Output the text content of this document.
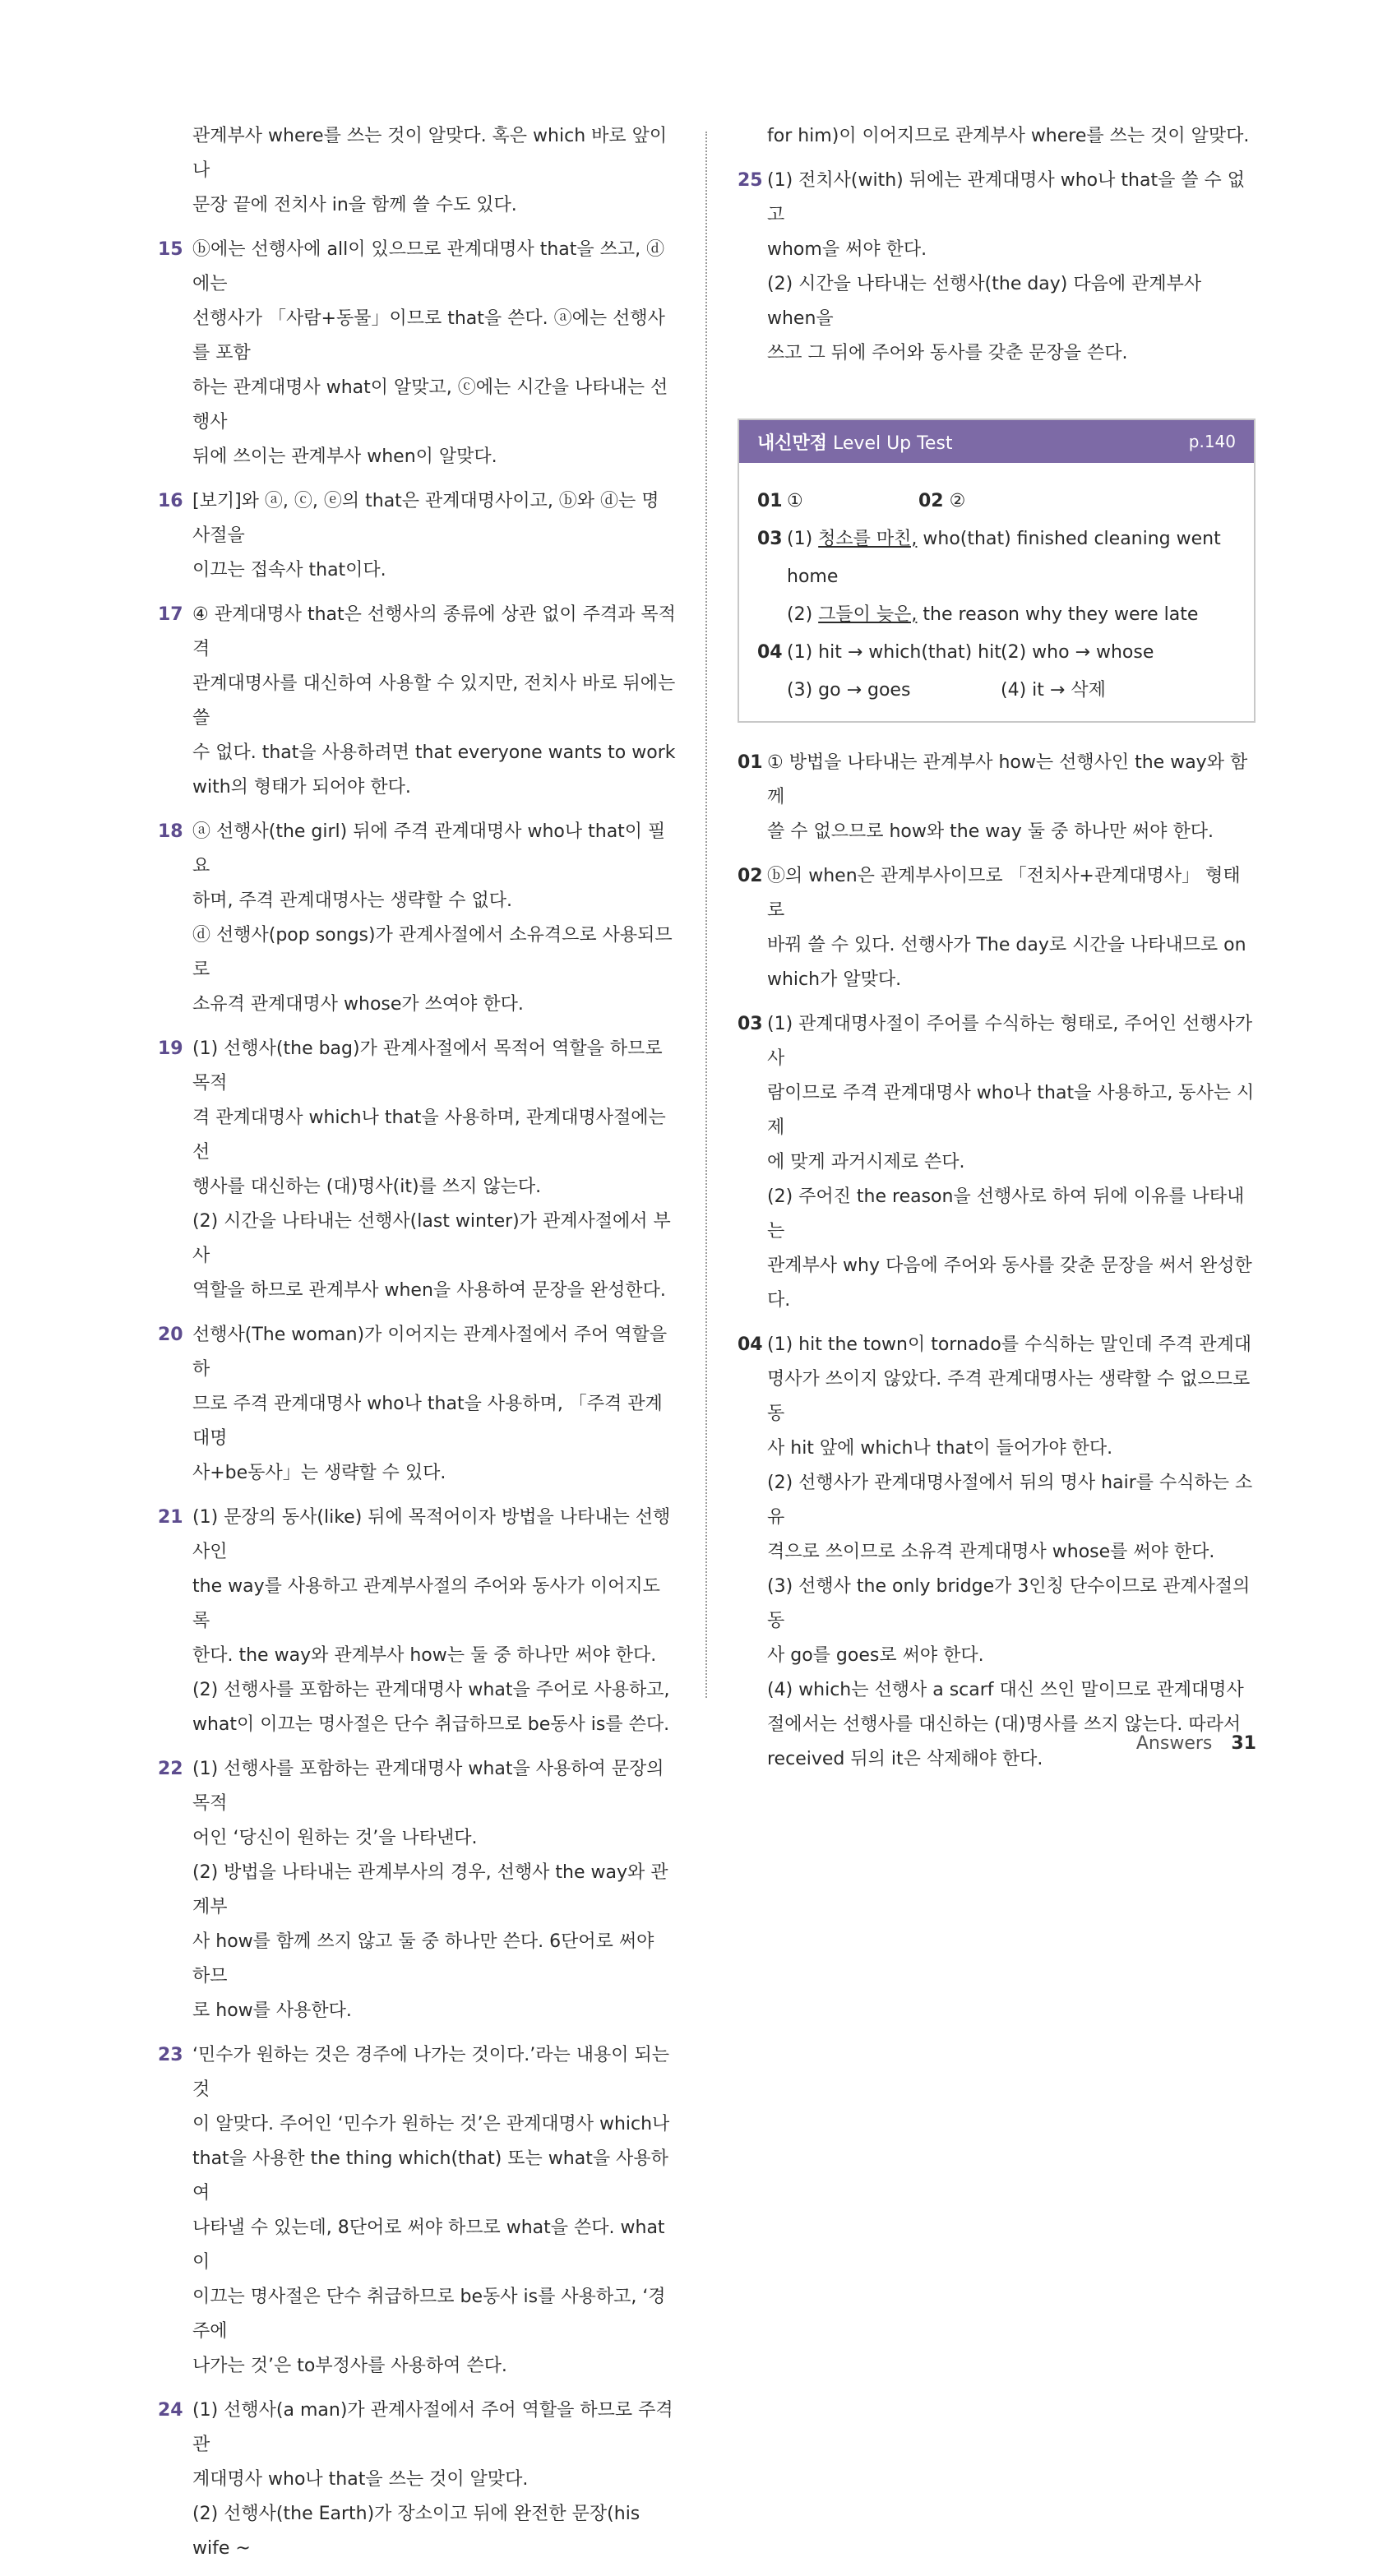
관계부사 where를 쓰는 것이 알맞다. 혹은 which 바로 앞이나

문장 끝에 전치사 in을 함께 쓸 수도 있다.

15 ⓑ에는 선행사에 all이 있으므로 관계대명사 that을 쓰고, ⓓ에는

선행사가 「사람+동물」이므로 that을 쓴다. ⓐ에는 선행사를 포함

하는 관계대명사 what이 알맞고, ⓒ에는 시간을 나타내는 선행사

뒤에 쓰이는 관계부사 when이 알맞다.

16 [보기]와 ⓐ, ⓒ, ⓔ의 that은 관계대명사이고, ⓑ와 ⓓ는 명사절을

이끄는 접속사 that이다.

17 ④ 관계대명사 that은 선행사의 종류에 상관 없이 주격과 목적격

관계대명사를 대신하여 사용할 수 있지만, 전치사 바로 뒤에는 쓸

수 없다. that을 사용하려면 that everyone wants to work

with의 형태가 되어야 한다.

18 ⓐ 선행사(the girl) 뒤에 주격 관계대명사 who나 that이 필요

하며, 주격 관계대명사는 생략할 수 없다.

ⓓ 선행사(pop songs)가 관계사절에서 소유격으로 사용되므로

소유격 관계대명사 whose가 쓰여야 한다.

19 (1) 선행사(the bag)가 관계사절에서 목적어 역할을 하므로 목적

격 관계대명사 which나 that을 사용하며, 관계대명사절에는 선

행사를 대신하는 (대)명사(it)를 쓰지 않는다.

(2) 시간을 나타내는 선행사(last winter)가 관계사절에서 부사

역할을 하므로 관계부사 when을 사용하여 문장을 완성한다.

20 선행사(The woman)가 이어지는 관계사절에서 주어 역할을 하

므로 주격 관계대명사 who나 that을 사용하며, 「주격 관계대명

사+be동사」는 생략할 수 있다.

21 (1) 문장의 동사(like) 뒤에 목적어이자 방법을 나타내는 선행사인

the way를 사용하고 관계부사절의 주어와 동사가 이어지도록

한다. the way와 관계부사 how는 둘 중 하나만 써야 한다.

(2) 선행사를 포함하는 관계대명사 what을 주어로 사용하고,

what이 이끄는 명사절은 단수 취급하므로 be동사 is를 쓴다.

22 (1) 선행사를 포함하는 관계대명사 what을 사용하여 문장의 목적

어인 ‘당신이 원하는 것’을 나타낸다.

(2) 방법을 나타내는 관계부사의 경우, 선행사 the way와 관계부

사 how를 함께 쓰지 않고 둘 중 하나만 쓴다. 6단어로 써야 하므

로 how를 사용한다.

23 ‘민수가 원하는 것은 경주에 나가는 것이다.’라는 내용이 되는 것

이 알맞다. 주어인 ‘민수가 원하는 것’은 관계대명사 which나

that을 사용한 the thing which(that) 또는 what을 사용하여

나타낼 수 있는데, 8단어로 써야 하므로 what을 쓴다. what이

이끄는 명사절은 단수 취급하므로 be동사 is를 사용하고, ‘경주에

나가는 것’은 to부정사를 사용하여 쓴다.

24 (1) 선행사(a man)가 관계사절에서 주어 역할을 하므로 주격 관

계대명사 who나 that을 쓰는 것이 알맞다.

(2) 선행사(the Earth)가 장소이고 뒤에 완전한 문장(his wife ~

for him)이 이어지므로 관계부사 where를 쓰는 것이 알맞다.

25 (1) 전치사(with) 뒤에는 관계대명사 who나 that을 쓸 수 없고

whom을 써야 한다.

(2) 시간을 나타내는 선행사(the day) 다음에 관계부사 when을

쓰고 그 뒤에 주어와 동사를 갖춘 문장을 쓴다.

내신만점 Level Up Test	p.140
01 ①	02 ②
03 (1) 청소를 마친, who(that) finished cleaning went
home
(2) 그들이 늦은, the reason why they were late
04 (1) hit → which(that) hit (2) who → whose
(3) go → goes	(4) it → 삭제
01 ① 방법을 나타내는 관계부사 how는 선행사인 the way와 함께

쓸 수 없으므로 how와 the way 둘 중 하나만 써야 한다.

02 ⓑ의 when은 관계부사이므로 「전치사+관계대명사」 형태로

바꿔 쓸 수 있다. 선행사가 The day로 시간을 나타내므로 on

which가 알맞다.

03 (1) 관계대명사절이 주어를 수식하는 형태로, 주어인 선행사가 사

람이므로 주격 관계대명사 who나 that을 사용하고, 동사는 시제

에 맞게 과거시제로 쓴다.

(2) 주어진 the reason을 선행사로 하여 뒤에 이유를 나타내는

관계부사 why 다음에 주어와 동사를 갖춘 문장을 써서 완성한다.

04 (1) hit the town이 tornado를 수식하는 말인데 주격 관계대

명사가 쓰이지 않았다. 주격 관계대명사는 생략할 수 없으므로 동

사 hit 앞에 which나 that이 들어가야 한다.

(2) 선행사가 관계대명사절에서 뒤의 명사 hair를 수식하는 소유

격으로 쓰이므로 소유격 관계대명사 whose를 써야 한다.

(3) 선행사 the only bridge가 3인칭 단수이므로 관계사절의 동

사 go를 goes로 써야 한다.

(4) which는 선행사 a scarf 대신 쓰인 말이므로 관계대명사

절에서는 선행사를 대신하는 (대)명사를 쓰지 않는다. 따라서

received 뒤의 it은 삭제해야 한다.

Answers 31
